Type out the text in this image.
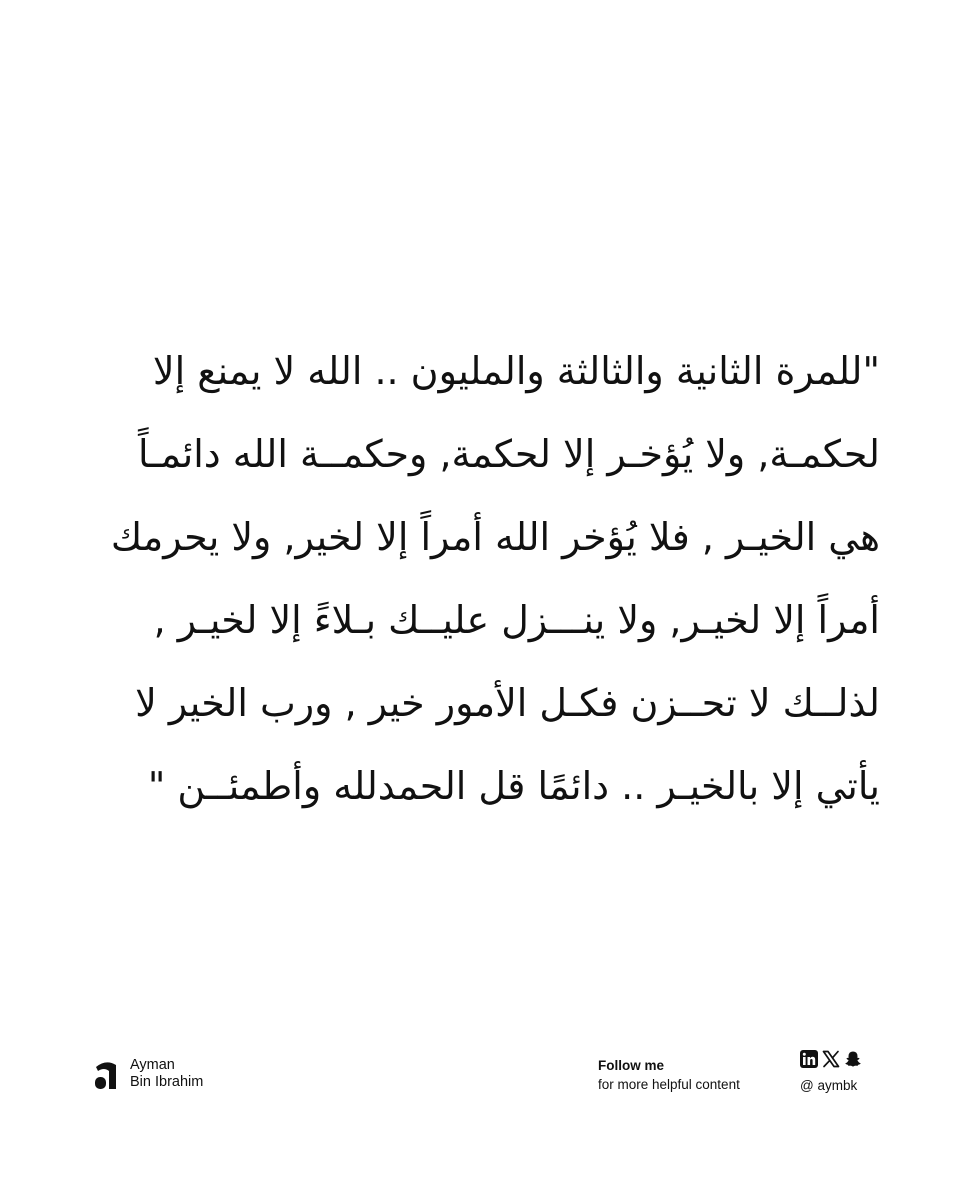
"للمرة الثانية والثالثة والمليون .. الله لا يمنع إلا
لحكمـة, ولا يُؤخـر إلا لحكمة, وحكمــة الله دائمـاً
هي الخيـر , فلا يُؤخر الله أمراً إلا لخير, ولا يحرمك
أمراً إلا لخيـر, ولا ينـــزل عليــك بـلاءً إلا لخيـر ,
لذلــك لا تحــزن فكـل الأمور خير , ورب الخير لا
يأتي إلا بالخيـر .. دائمًا قل الحمدلله وأطمئــن "
Ayman
Bin Ibrahim
Follow me
for more helpful content	@ aymbk
